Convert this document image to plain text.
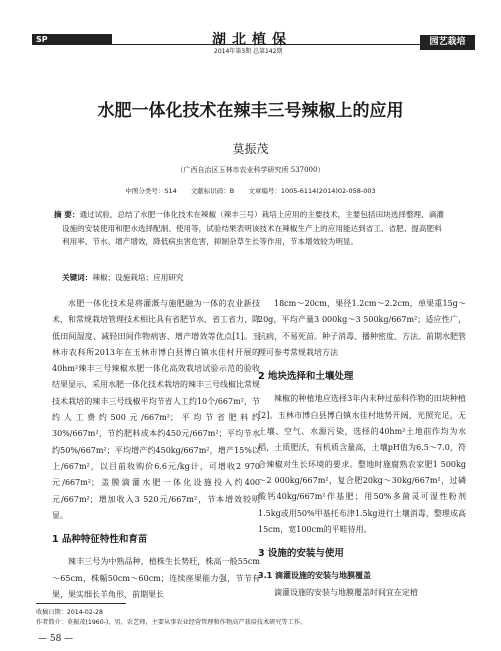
SP	湖北植保
2014年第3期 总第142期
园艺栽培
水肥一体化技术在辣丰三号辣椒上的应用
莫振茂
（广西自治区玉林市农业科学研究所 537000）
中图分类号：S14 文献标识码：B 文章编号：1005-6114(2014)02-058-003
摘 要：通过试验，总结了水肥一体化技术在辣椒（辣丰三号）栽培上应用的主要技术，主要包括田块选择整理、滴灌设施的安装使用和肥水选择配制、使用等，试验结果表明该技术在辣椒生产上的应用能达到省工、省肥、提高肥料利用率、节水、增产增效，降低病虫害危害，抑制杂草生长等作用，节本增效较为明显。
关键词：辣椒；设施栽培；应用研究

水肥一体化技术是将灌溉与施肥融为一体的农业新技术，和常规栽培管理技术相比具有省肥节水、省工省力、降低田间湿度、减轻田间作物病害、增产增效等优点[1]。玉林市农科所2013年在玉林市博白县博白镇水佳村开展的40hm²辣丰三号辣椒水肥一体化高效栽培试验示范的验收结果显示，采用水肥一体化技术栽培的辣丰三号线椒比常规技术栽培的辣丰三号线椒平均节省人工约10个/667m²，节约人工费约500元/667m²；平均节省肥料约30%/667m²，节约肥料成本约450元/667m²；平均节水约50%/667m²；平均增产约450kg/667m²，增产15%以上/667m²，以目前收购价6.6元/kg计，可增收2 970元/667m²；盖膜滴灌水肥一体化设施投入约400元/667m²；增加收入3 520元/667m²，节本增效较明显。

1 品种特征特性和育苗

辣丰三号为中熟品种，植株生长势旺，株高一般55cm～65cm，株幅50cm～60cm；连续座果能力强，节节有果，果实细长羊角形，前期果长

18cm～20cm，果径1.2cm～2.2cm，单果重15g～20g，平均产量3 000kg～3 500kg/667m²；适应性广，抗病，不易死苗。种子消毒、播种密度、方法、前期水肥管理可参考常规栽培方法

2 地块选择和土壤处理

辣椒的种植地应选择3年内未种过茄科作物的田块种植[2]。玉林市博白县博白镇水佳村地势开阔，光照充足，无土壤、空气、水源污染，选择的40hm²土地前作均为水稻，土质肥沃，有机质含量高，土壤pH值为6.5～7.0，符合辣椒对生长环境的要求。整地时施腐熟农家肥1 500kg～2 000kg/667m²，复合肥20kg～30kg/667m²，过磷酸钙40kg/667m²作基肥；用50%多菌灵可湿性粉剂1.5kg或用50%甲基托布津1.5kg进行土壤消毒，整理成高15cm，宽100cm的平畦待用。

3 设施的安装与使用

3.1 滴灌设施的安装与地膜覆盖

滴灌设施的安装与地膜覆盖时间宜在定植

收稿日期：2014-02-28
作者简介：莫振茂(1960-)，男，农艺师，主要从事农业经营管理和作物高产栽培技术研究等工作。
— 58 —
